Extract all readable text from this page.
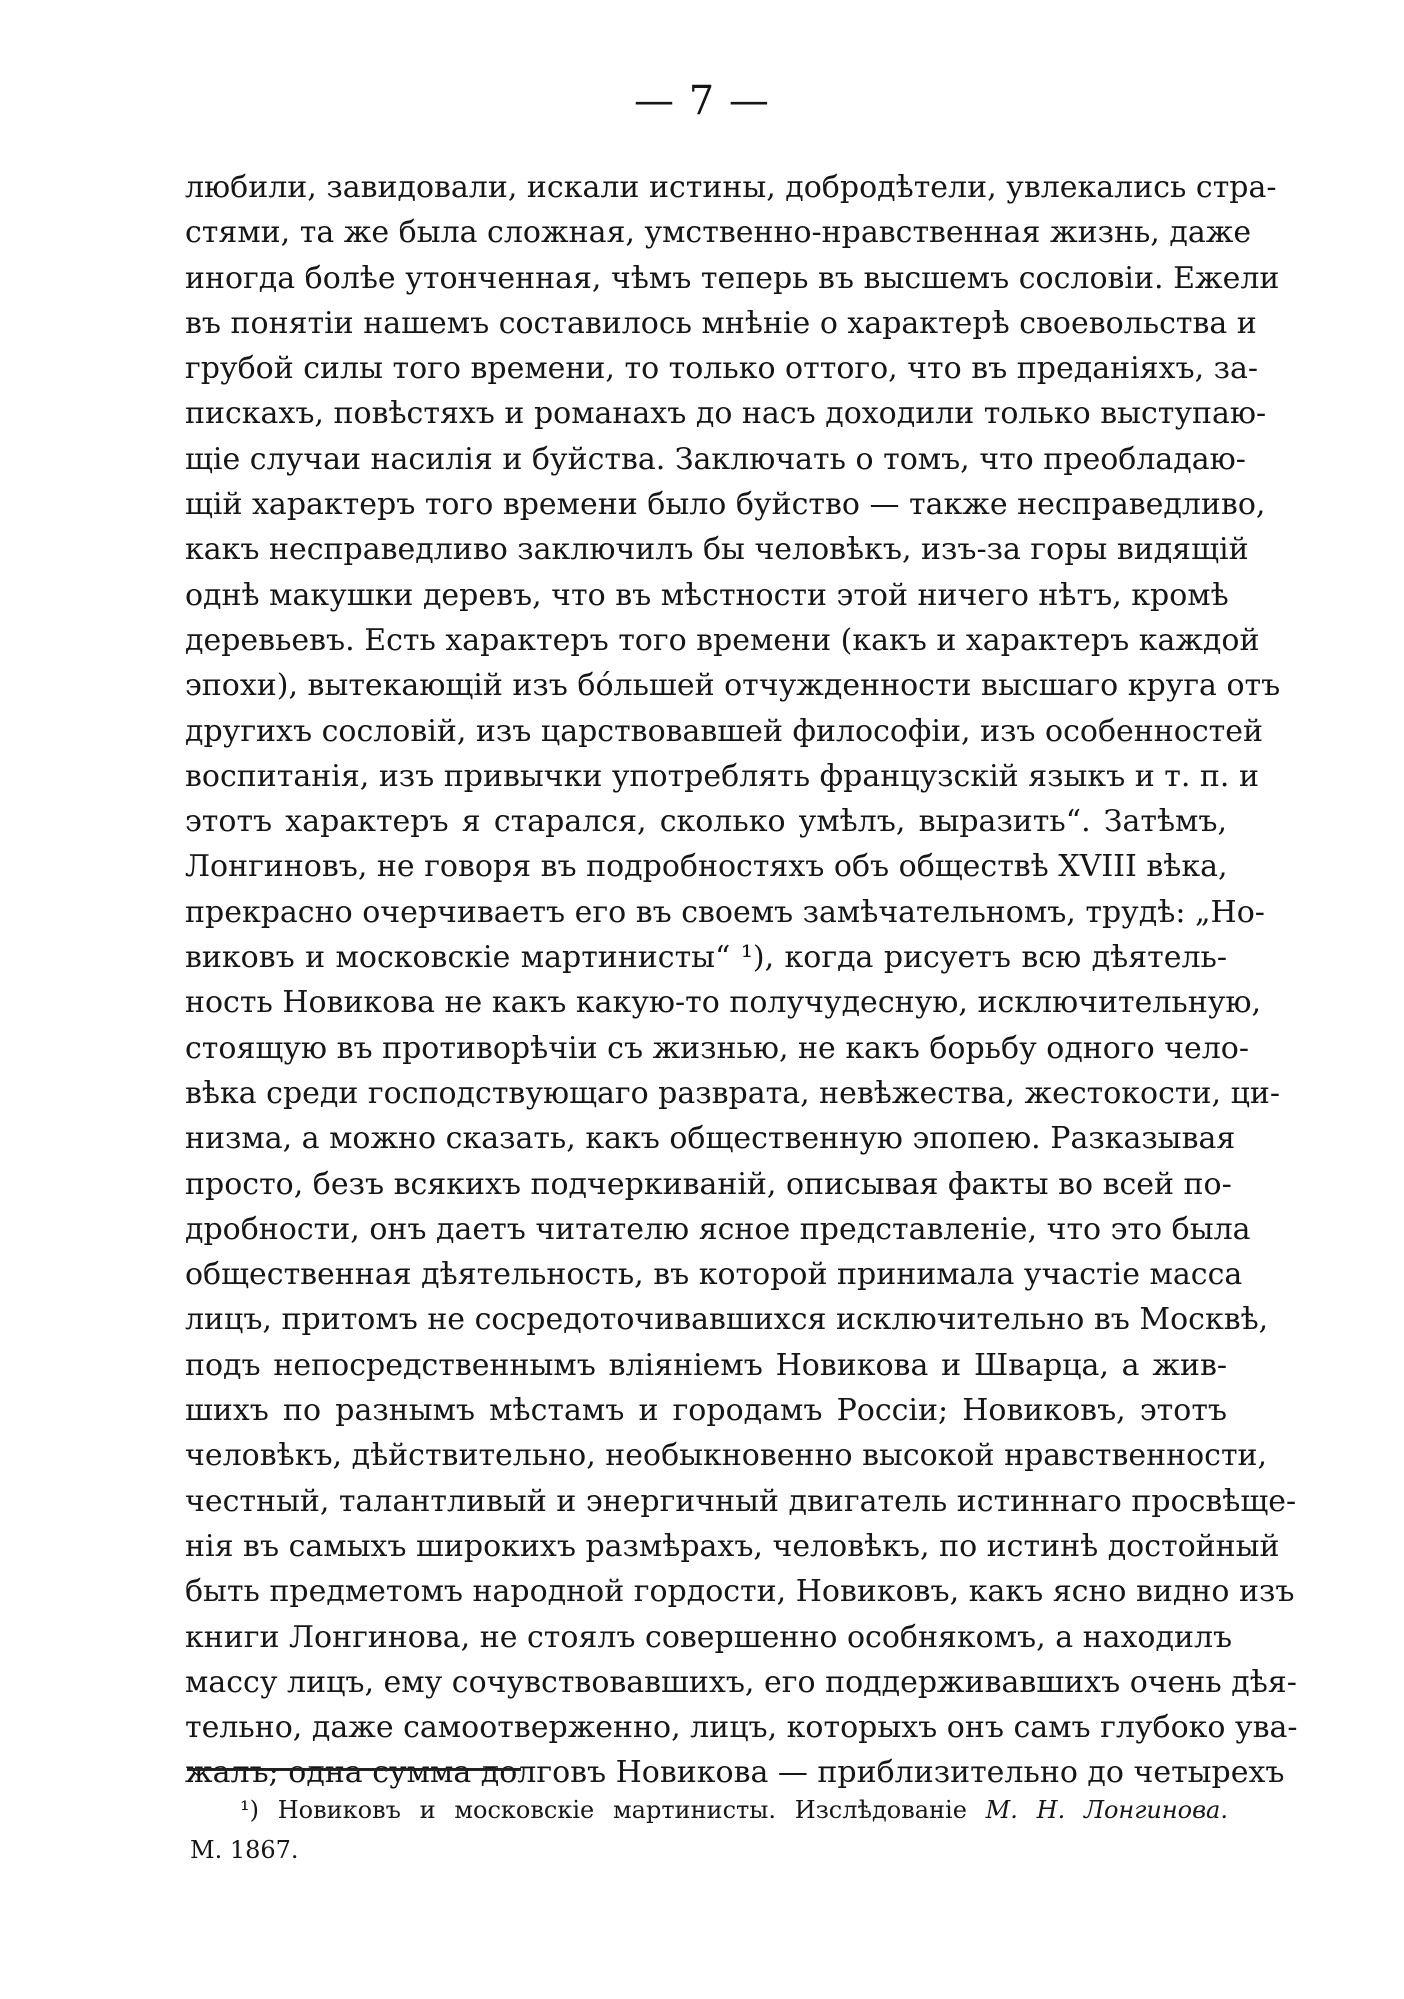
— 7 —
любили, завидовали, искали истины, добродѣтели, увлекались стра-
стями, та же была сложная, умственно-нравственная жизнь, даже
иногда болѣе утонченная, чѣмъ теперь въ высшемъ сословіи. Ежели
въ понятіи нашемъ составилось мнѣніе о характерѣ своевольства и
грубой силы того времени, то только оттого, что въ преданіяхъ, за-
пискахъ, повѣстяхъ и романахъ до насъ доходили только выступаю-
щіе случаи насилія и буйства. Заключать о томъ, что преобладаю-
щій характеръ того времени было буйство — также несправедливо,
какъ несправедливо заключилъ бы человѣкъ, изъ-за горы видящій
однѣ макушки деревъ, что въ мѣстности этой ничего нѣтъ, кромѣ
деревьевъ. Есть характеръ того времени (какъ и характеръ каждой
эпохи), вытекающій изъ бо́льшей отчужденности высшаго круга отъ
другихъ сословій, изъ царствовавшей философіи, изъ особенностей
воспитанія, изъ привычки употреблять французскій языкъ и т. п. и
этотъ характеръ я старался, сколько умѣлъ, выразить“. Затѣмъ,
Лонгиновъ, не говоря въ подробностяхъ объ обществѣ XVIII вѣка,
прекрасно очерчиваетъ его въ своемъ замѣчательномъ, трудѣ: „Но-
виковъ и московскіе мартинисты“ ¹), когда рисуетъ всю дѣятель-
ность Новикова не какъ какую-то получудесную, исключительную,
стоящую въ противорѣчіи съ жизнью, не какъ борьбу одного чело-
вѣка среди господствующаго разврата, невѣжества, жестокости, ци-
низма, а можно сказать, какъ общественную эпопею. Разказывая
просто, безъ всякихъ подчеркиваній, описывая факты во всей по-
дробности, онъ даетъ читателю ясное представленіе, что это была
общественная дѣятельность, въ которой принимала участіе масса
лицъ, притомъ не сосредоточивавшихся исключительно въ Москвѣ,
подъ непосредственнымъ вліяніемъ Новикова и Шварца, а жив-
шихъ по разнымъ мѣстамъ и городамъ Россіи; Новиковъ, этотъ
человѣкъ, дѣйствительно, необыкновенно высокой нравственности,
честный, талантливый и энергичный двигатель истиннаго просвѣще-
нія въ самыхъ широкихъ размѣрахъ, человѣкъ, по истинѣ достойный
быть предметомъ народной гордости, Новиковъ, какъ ясно видно изъ
книги Лонгинова, не стоялъ совершенно особнякомъ, а находилъ
массу лицъ, ему сочувствовавшихъ, его поддерживавшихъ очень дѣя-
тельно, даже самоотверженно, лицъ, которыхъ онъ самъ глубоко ува-
жалъ; одна сумма долговъ Новикова — приблизительно до четырехъ
¹) Новиковъ и московскіе мартинисты. Изслѣдованіе М. Н. Лонгинова.
М. 1867.
